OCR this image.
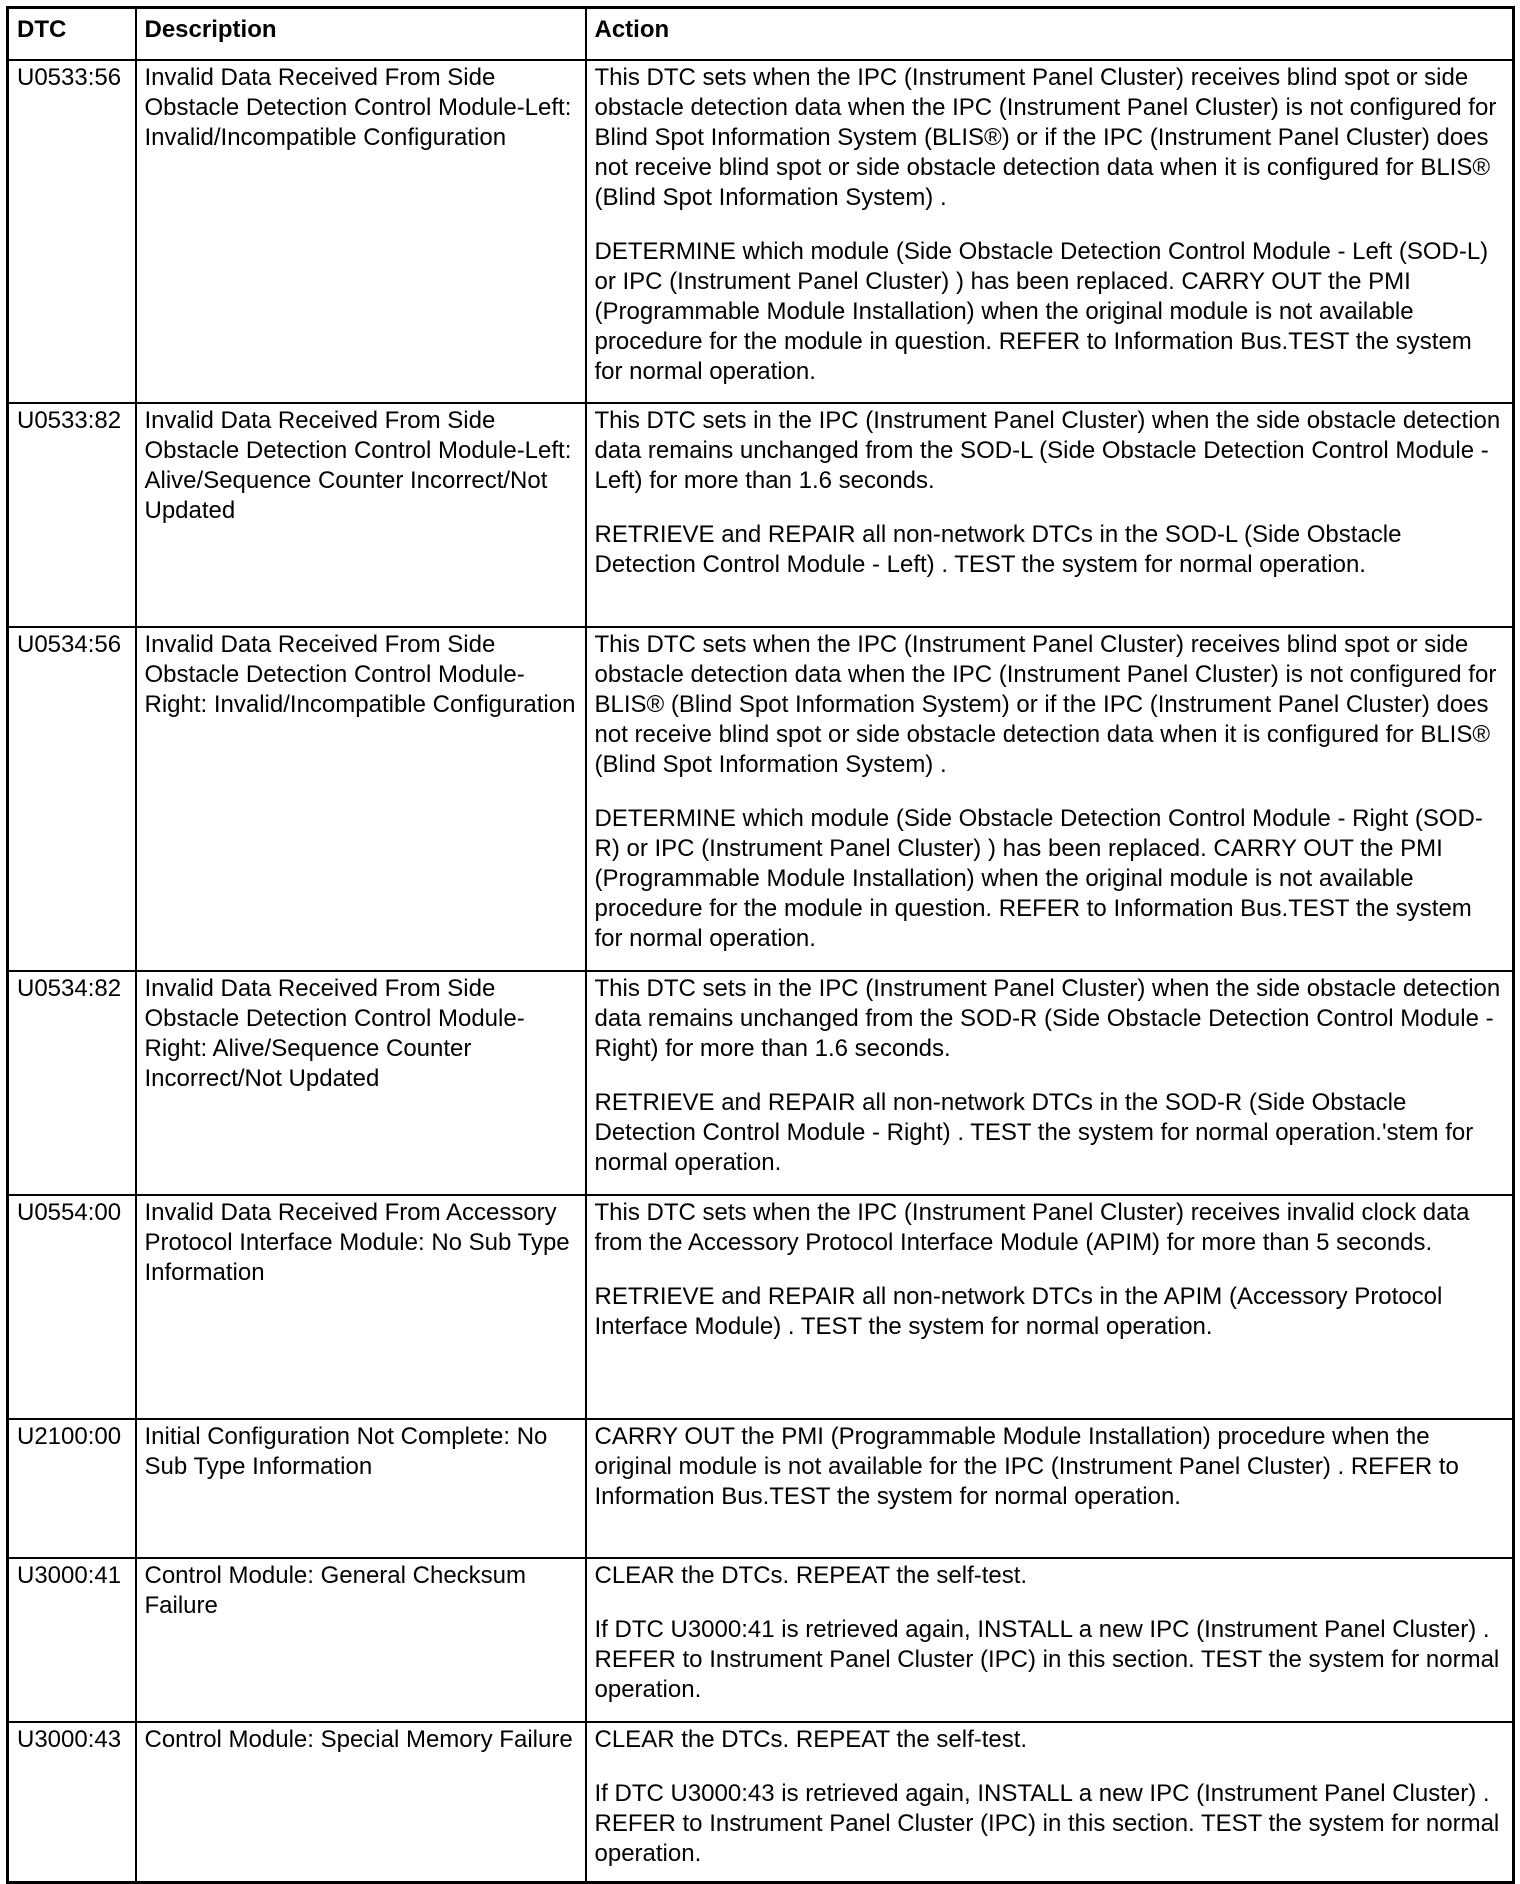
DTC	Description	Action
U0533:56	Invalid Data Received From Side Obstacle Detection Control Module-Left: Invalid/Incompatible Configuration	This DTC sets when the IPC (Instrument Panel Cluster) receives blind spot or side obstacle detection data when the IPC (Instrument Panel Cluster) is not configured for Blind Spot Information System (BLIS®) or if the IPC (Instrument Panel Cluster) does not receive blind spot or side obstacle detection data when it is configured for BLIS® (Blind Spot Information System) .
DETERMINE which module (Side Obstacle Detection Control Module - Left (SOD-L) or IPC (Instrument Panel Cluster) ) has been replaced. CARRY OUT the PMI (Programmable Module Installation) when the original module is not available procedure for the module in question. REFER to Information Bus.TEST the system for normal operation.

U0533:82	Invalid Data Received From Side Obstacle Detection Control Module-Left: Alive/Sequence Counter Incorrect/Not Updated	This DTC sets in the IPC (Instrument Panel Cluster) when the side obstacle detection data remains unchanged from the SOD-L (Side Obstacle Detection Control Module - Left) for more than 1.6 seconds.
RETRIEVE and REPAIR all non-network DTCs in the SOD-L (Side Obstacle Detection Control Module - Left) . TEST the system for normal operation.

U0534:56	Invalid Data Received From Side Obstacle Detection Control Module-Right: Invalid/Incompatible Configuration	This DTC sets when the IPC (Instrument Panel Cluster) receives blind spot or side obstacle detection data when the IPC (Instrument Panel Cluster) is not configured for BLIS® (Blind Spot Information System) or if the IPC (Instrument Panel Cluster) does not receive blind spot or side obstacle detection data when it is configured for BLIS® (Blind Spot Information System) .
DETERMINE which module (Side Obstacle Detection Control Module - Right (SOD-R) or IPC (Instrument Panel Cluster) ) has been replaced. CARRY OUT the PMI (Programmable Module Installation) when the original module is not available procedure for the module in question. REFER to Information Bus.TEST the system for normal operation.

U0534:82	Invalid Data Received From Side Obstacle Detection Control Module-Right: Alive/Sequence Counter Incorrect/Not Updated	This DTC sets in the IPC (Instrument Panel Cluster) when the side obstacle detection data remains unchanged from the SOD-R (Side Obstacle Detection Control Module - Right) for more than 1.6 seconds.
RETRIEVE and REPAIR all non-network DTCs in the SOD-R (Side Obstacle Detection Control Module - Right) . TEST the system for normal operation.'stem for normal operation.

U0554:00	Invalid Data Received From Accessory Protocol Interface Module: No Sub Type Information	This DTC sets when the IPC (Instrument Panel Cluster) receives invalid clock data from the Accessory Protocol Interface Module (APIM) for more than 5 seconds.
RETRIEVE and REPAIR all non-network DTCs in the APIM (Accessory Protocol Interface Module) . TEST the system for normal operation.

U2100:00	Initial Configuration Not Complete: No Sub Type Information	CARRY OUT the PMI (Programmable Module Installation) procedure when the original module is not available for the IPC (Instrument Panel Cluster) . REFER to Information Bus.TEST the system for normal operation.

U3000:41	Control Module: General Checksum Failure	CLEAR the DTCs. REPEAT the self-test.
If DTC U3000:41 is retrieved again, INSTALL a new IPC (Instrument Panel Cluster) . REFER to Instrument Panel Cluster (IPC) in this section. TEST the system for normal operation.

U3000:43	Control Module: Special Memory Failure	CLEAR the DTCs. REPEAT the self-test.
If DTC U3000:43 is retrieved again, INSTALL a new IPC (Instrument Panel Cluster) . REFER to Instrument Panel Cluster (IPC) in this section. TEST the system for normal operation.
